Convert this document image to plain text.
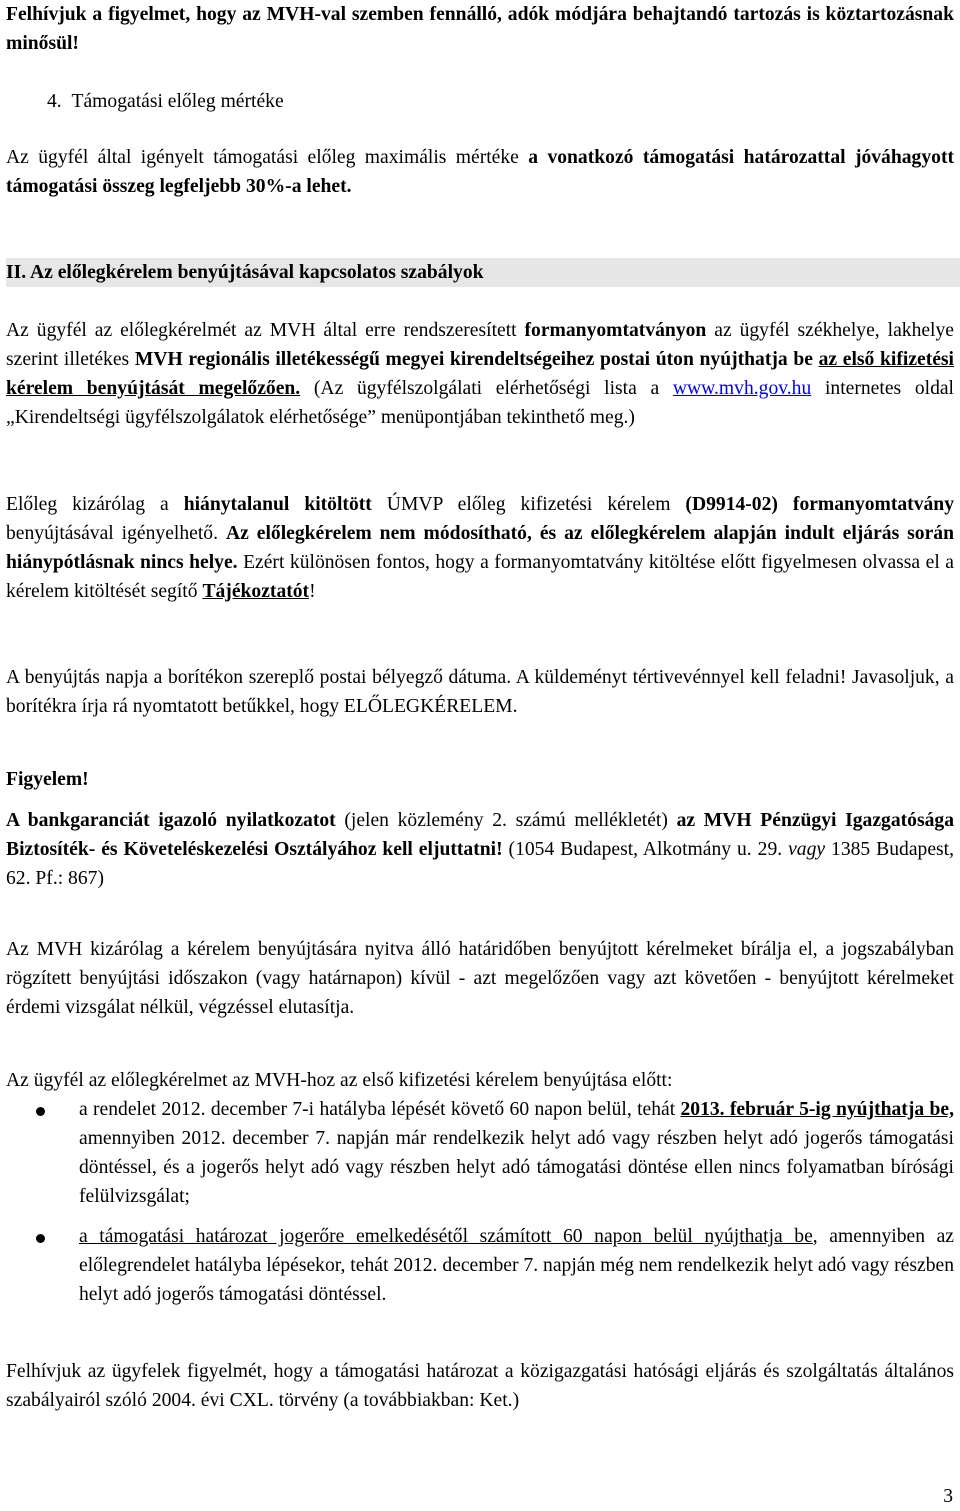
Felhívjuk a figyelmet, hogy az MVH-val szemben fennálló, adók módjára behajtandó tartozás is köztartozásnak minősül!

4.  Támogatási előleg mértéke

Az ügyfél által igényelt támogatási előleg maximális mértéke a vonatkozó támogatási határozattal jóváhagyott támogatási összeg legfeljebb 30%-a lehet.

II. Az előlegkérelem benyújtásával kapcsolatos szabályok

Az ügyfél az előlegkérelmét az MVH által erre rendszeresített formanyomtatványon az ügyfél székhelye, lakhelye szerint illetékes MVH regionális illetékességű megyei kirendeltségeihez postai úton nyújthatja be az első kifizetési kérelem benyújtását megelőzően. (Az ügyfélszolgálati elérhetőségi lista a www.mvh.gov.hu internetes oldal „Kirendeltségi ügyfélszolgálatok elérhetősége” menüpontjában tekinthető meg.)

Előleg kizárólag a hiánytalanul kitöltött ÚMVP előleg kifizetési kérelem (D9914-02) formanyomtatvány benyújtásával igényelhető. Az előlegkérelem nem módosítható, és az előlegkérelem alapján indult eljárás során hiánypótlásnak nincs helye. Ezért különösen fontos, hogy a formanyomtatvány kitöltése előtt figyelmesen olvassa el a kérelem kitöltését segítő Tájékoztatót!

A benyújtás napja a borítékon szereplő postai bélyegző dátuma. A küldeményt tértivevénnyel kell feladni! Javasoljuk, a borítékra írja rá nyomtatott betűkkel, hogy ELŐLEGKÉRELEM.

Figyelem!

A bankgaranciát igazoló nyilatkozatot (jelen közlemény 2. számú mellékletét) az MVH Pénzügyi Igazgatósága Biztosíték- és Követeléskezelési Osztályához kell eljuttatni! (1054 Budapest, Alkotmány u. 29. vagy 1385 Budapest, 62. Pf.: 867)

Az MVH kizárólag a kérelem benyújtására nyitva álló határidőben benyújtott kérelmeket bírálja el, a jogszabályban rögzített benyújtási időszakon (vagy határnapon) kívül - azt megelőzően vagy azt követően - benyújtott kérelmeket érdemi vizsgálat nélkül, végzéssel elutasítja.

Az ügyfél az előlegkérelmet az MVH-hoz az első kifizetési kérelem benyújtása előtt:

a rendelet 2012. december 7-i hatályba lépését követő 60 napon belül, tehát 2013. február 5-ig nyújthatja be, amennyiben 2012. december 7. napján már rendelkezik helyt adó vagy részben helyt adó jogerős támogatási döntéssel, és a jogerős helyt adó vagy részben helyt adó támogatási döntése ellen nincs folyamatban bírósági felülvizsgálat;
a támogatási határozat jogerőre emelkedésétől számított 60 napon belül nyújthatja be, amennyiben az előlegrendelet hatályba lépésekor, tehát 2012. december 7. napján még nem rendelkezik helyt adó vagy részben helyt adó jogerős támogatási döntéssel.

Felhívjuk az ügyfelek figyelmét, hogy a támogatási határozat a közigazgatási hatósági eljárás és szolgáltatás általános szabályairól szóló 2004. évi CXL. törvény (a továbbiakban: Ket.)

3
